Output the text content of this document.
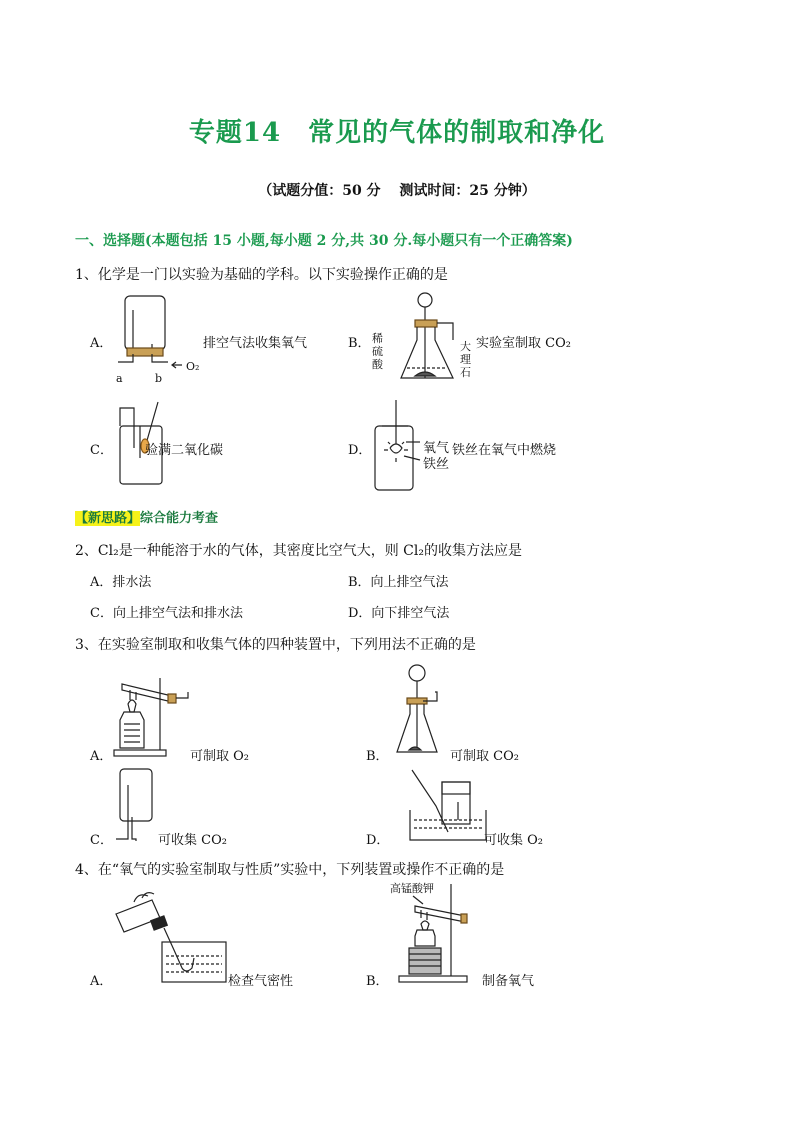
专题14　常见的气体的制取和净化
（试题分值：50 分　 测试时间：25 分钟）
一、选择题(本题包括 15 小题,每小题 2 分,共 30 分.每小题只有一个正确答案)
1、化学是一门以实验为基础的学科。以下实验操作正确的是
A．
a	b
O₂
排空气法收集氧气	B． 稀
硫
酸
大
理
石
实验室制取 CO₂
C． 验满二氧化碳	D．	氧气
铁丝
铁丝在氧气中燃烧
【新思路】综合能力考查
2、Cl₂是一种能溶于水的气体，其密度比空气大，则 Cl₂的收集方法应是
A．排水法	B．向上排空气法
C．向上排空气法和排水法	D．向下排空气法
3、在实验室制取和收集气体的四种装置中，下列用法不正确的是
A．	可制取 O₂	B．	可制取 CO₂
C．	可收集 CO₂	D．	可收集 O₂
4、在“氧气的实验室制取与性质”实验中，下列装置或操作不正确的是
A．	检查气密性	B．
高锰酸钾
制备氧气
